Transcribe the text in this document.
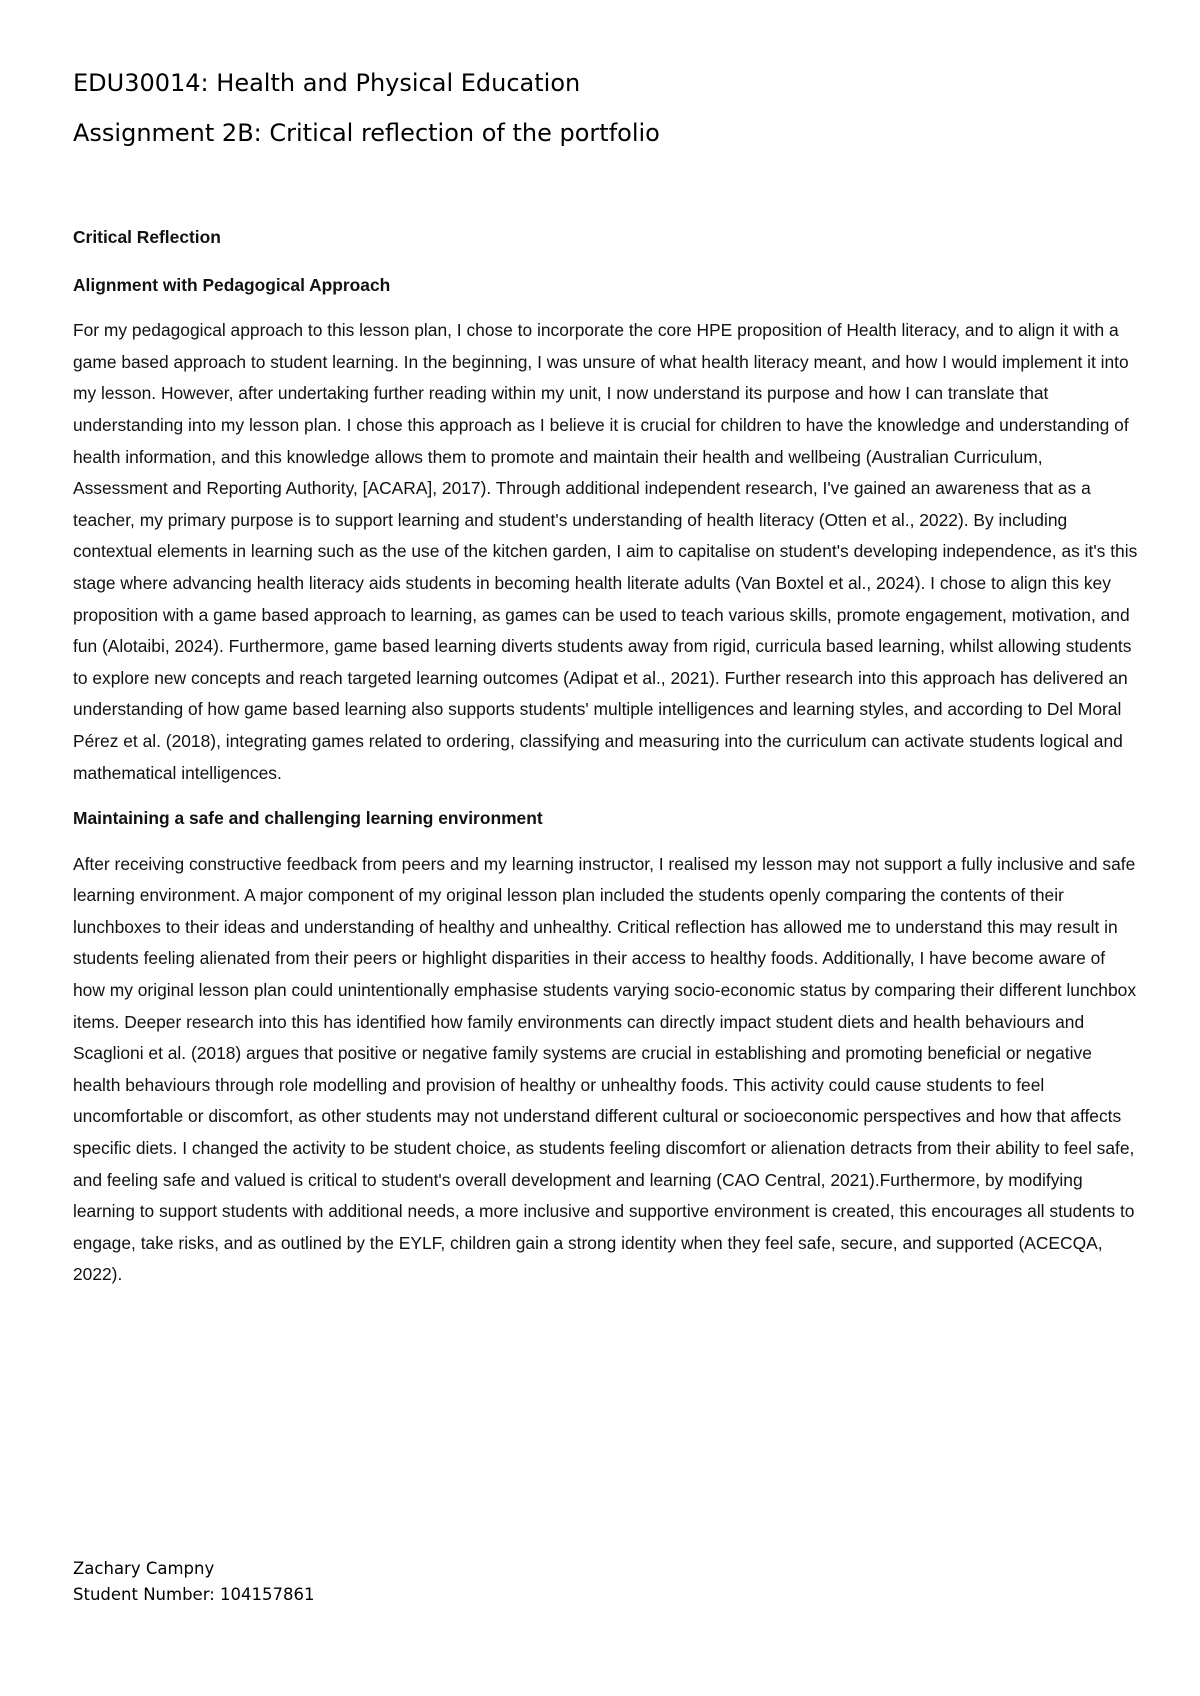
EDU30014: Health and Physical Education
Assignment 2B: Critical reflection of the portfolio
Critical Reflection
Alignment with Pedagogical Approach

For my pedagogical approach to this lesson plan, I chose to incorporate the core HPE proposition of Health literacy, and to align it with a game based approach to student learning. In the beginning, I was unsure of what health literacy meant, and how I would implement it into my lesson. However, after undertaking further reading within my unit, I now understand its purpose and how I can translate that understanding into my lesson plan. I chose this approach as I believe it is crucial for children to have the knowledge and understanding of health information, and this knowledge allows them to promote and maintain their health and wellbeing (Australian Curriculum, Assessment and Reporting Authority, [ACARA], 2017). Through additional independent research, I've gained an awareness that as a teacher, my primary purpose is to support learning and student's understanding of health literacy (Otten et al., 2022). By including contextual elements in learning such as the use of the kitchen garden, I aim to capitalise on student's developing independence, as it's this stage where advancing health literacy aids students in becoming health literate adults (Van Boxtel et al., 2024). I chose to align this key proposition with a game based approach to learning, as games can be used to teach various skills, promote engagement, motivation, and fun (Alotaibi, 2024). Furthermore, game based learning diverts students away from rigid, curricula based learning, whilst allowing students to explore new concepts and reach targeted learning outcomes (Adipat et al., 2021). Further research into this approach has delivered an understanding of how game based learning also supports students' multiple intelligences and learning styles, and according to Del Moral Pérez et al. (2018), integrating games related to ordering, classifying and measuring into the curriculum can activate students logical and mathematical intelligences.

Maintaining a safe and challenging learning environment

After receiving constructive feedback from peers and my learning instructor, I realised my lesson may not support a fully inclusive and safe learning environment. A major component of my original lesson plan included the students openly comparing the contents of their lunchboxes to their ideas and understanding of healthy and unhealthy. Critical reflection has allowed me to understand this may result in students feeling alienated from their peers or highlight disparities in their access to healthy foods. Additionally, I have become aware of how my original lesson plan could unintentionally emphasise students varying socio-economic status by comparing their different lunchbox items. Deeper research into this has identified how family environments can directly impact student diets and health behaviours and Scaglioni et al. (2018) argues that positive or negative family systems are crucial in establishing and promoting beneficial or negative health behaviours through role modelling and provision of healthy or unhealthy foods. This activity could cause students to feel uncomfortable or discomfort, as other students may not understand different cultural or socioeconomic perspectives and how that affects specific diets. I changed the activity to be student choice, as students feeling discomfort or alienation detracts from their ability to feel safe, and feeling safe and valued is critical to student's overall development and learning (CAO Central, 2021).Furthermore, by modifying learning to support students with additional needs, a more inclusive and supportive environment is created, this encourages all students to engage, take risks, and as outlined by the EYLF, children gain a strong identity when they feel safe, secure, and supported (ACECQA, 2022).

Zachary Campny

Student Number: 104157861
